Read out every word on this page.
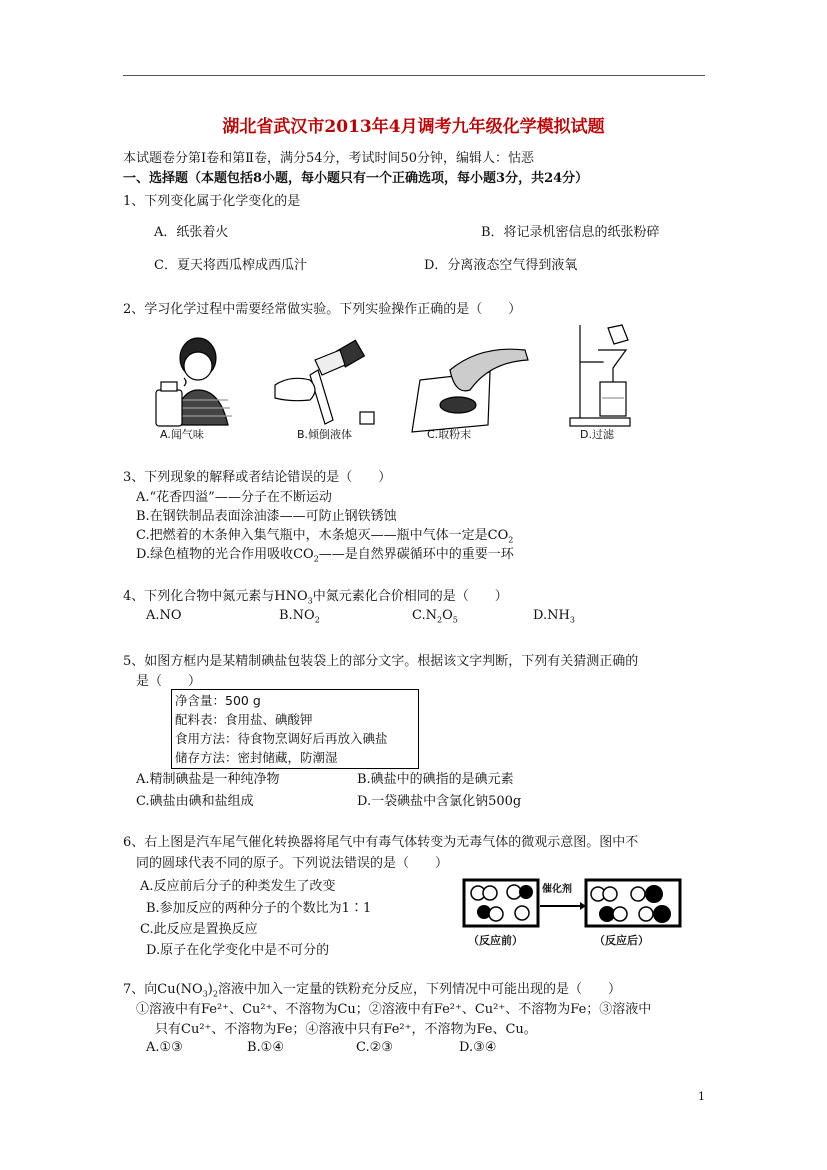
湖北省武汉市2013年4月调考九年级化学模拟试题
本试题卷分第Ⅰ卷和第Ⅱ卷，满分54分，考试时间50分钟，编辑人：怙恶
一、选择题（本题包括8小题，每小题只有一个正确选项，每小题3分，共24分）
1、下列变化属于化学变化的是
A．纸张着火	B．将记录机密信息的纸张粉碎
C．夏天将西瓜榨成西瓜汁	D．分离液态空气得到液氧
2、学习化学过程中需要经常做实验。下列实验操作正确的是（　　）
A.闻气味	B.倾倒液体	C.取粉末	D.过滤
3、下列现象的解释或者结论错误的是（　　）
A.“花香四溢”——分子在不断运动
B.在钢铁制品表面涂油漆——可防止钢铁锈蚀
C.把燃着的木条伸入集气瓶中，木条熄灭——瓶中气体一定是$CO_2$
D.绿色植物的光合作用吸收$CO_2——$是自然界碳循环中的重要一环
4、下列化合物中氮元素与$HNO_3$中氮元素化合价相同的是（　　）
A.NO	$B.NO_2$	$C.N_2O_5$	$D.NH_3$
5、如图方框内是某精制碘盐包装袋上的部分文字。根据该文字判断，下列有关猜测正确的
是（　　）
净含量：500 g
配料表：食用盐、碘酸钾
食用方法：待食物烹调好后再放入碘盐
储存方法：密封储藏，防潮湿
A.精制碘盐是一种纯净物	B.碘盐中的碘指的是碘元素
C.碘盐由碘和盐组成	D.一袋碘盐中含氯化钠500g
6、右上图是汽车尾气催化转换器将尾气中有毒气体转变为无毒气体的微观示意图。图中不
同的圆球代表不同的原子。下列说法错误的是（　　）
A.反应前后分子的种类发生了改变
B.参加反应的两种分子的个数比为1∶1
C.此反应是置换反应
D.原子在化学变化中是不可分的
催化剂
（反应前）	（反应后）
7、向$Cu(NO_3)_2$溶液中加入一定量的铁粉充分反应，下列情况中可能出现的是（　　）
①溶液中有Fe²⁺、Cu²⁺、不溶物为Cu；②溶液中有Fe²⁺、Cu²⁺、不溶物为Fe；③溶液中
只有Cu²⁺、不溶物为Fe；④溶液中只有Fe²⁺，不溶物为Fe、Cu。
A.①③	B.①④	C.②③	D.③④
1
